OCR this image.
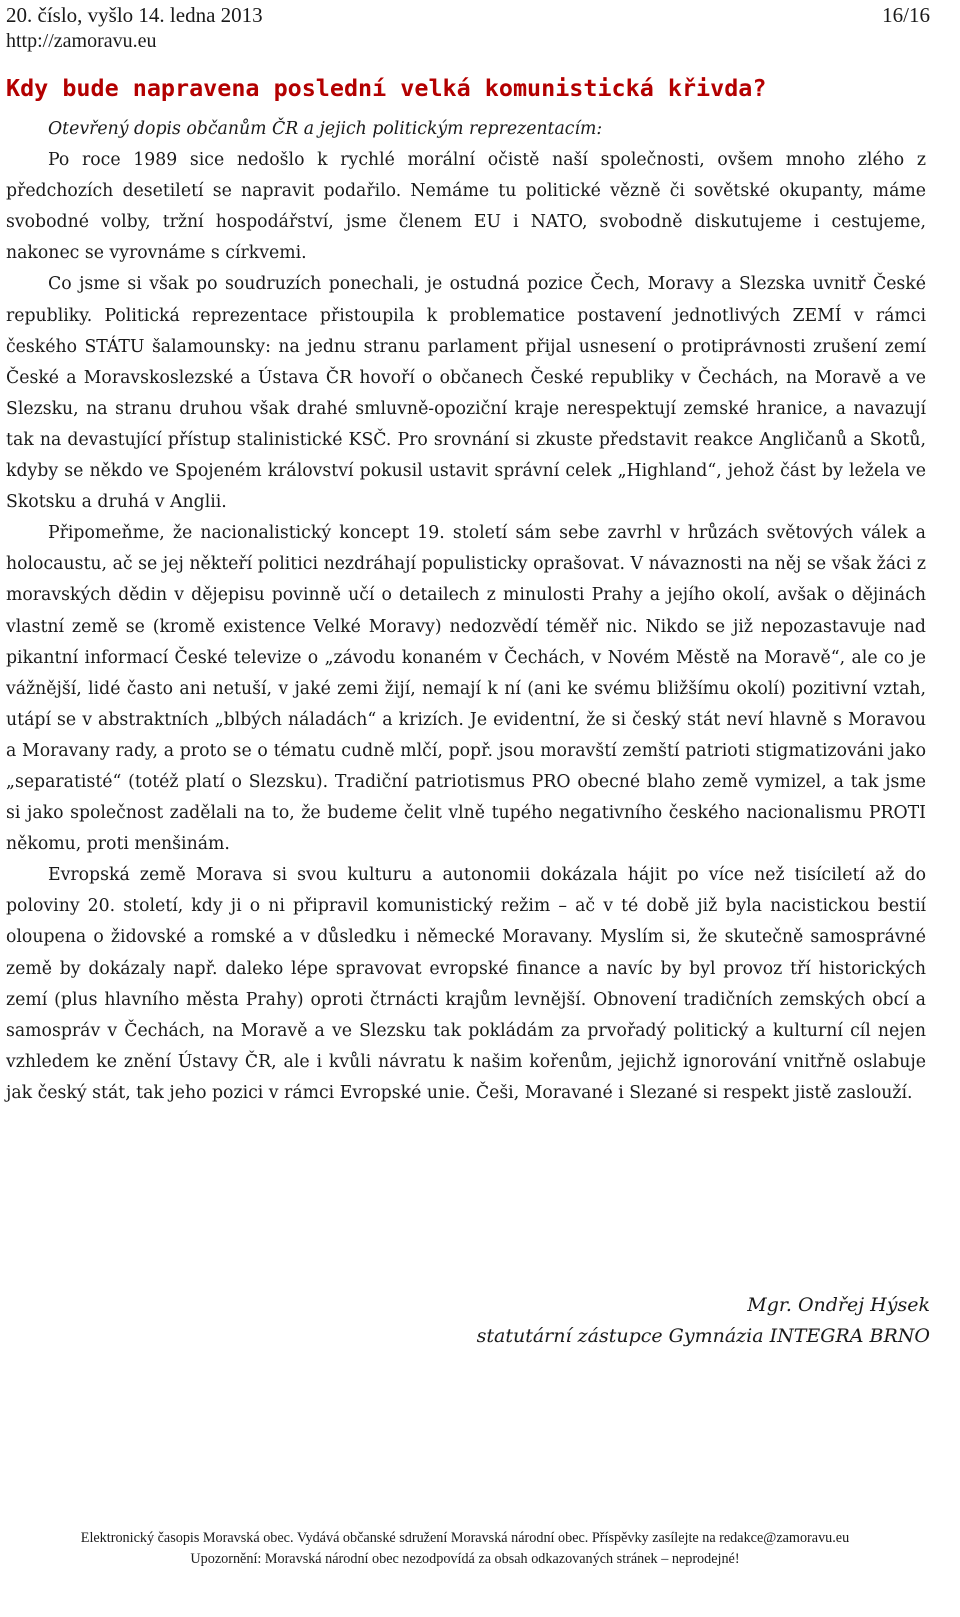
20. číslo, vyšlo 14. ledna 2013	16/16
http://zamoravu.eu
Kdy bude napravena poslední velká komunistická křivda?

Otevřený dopis občanům ČR a jejich politickým reprezentacím:

Po roce 1989 sice nedošlo k rychlé morální očistě naší společnosti, ovšem mnoho zlého z předchozích desetiletí se napravit podařilo. Nemáme tu politické vězně či sovětské okupanty, máme svobodné volby, tržní hospodářství, jsme členem EU i NATO, svobodně diskutujeme i cestujeme, nakonec se vyrovnáme s církvemi.

Co jsme si však po soudruzích ponechali, je ostudná pozice Čech, Moravy a Slezska uvnitř České republiky. Politická reprezentace přistoupila k problematice postavení jednotlivých ZEMÍ v rámci českého STÁTU šalamounsky: na jednu stranu parlament přijal usnesení o protiprávnosti zrušení zemí České a Moravskoslezské a Ústava ČR hovoří o občanech České republiky v Čechách, na Moravě a ve Slezsku, na stranu druhou však drahé smluvně-opoziční kraje nerespektují zemské hranice, a navazují tak na devastující přístup stalinistické KSČ. Pro srovnání si zkuste představit reakce Angličanů a Skotů, kdyby se někdo ve Spojeném království pokusil ustavit správní celek „Highland“, jehož část by ležela ve Skotsku a druhá v Anglii.

Připomeňme, že nacionalistický koncept 19. století sám sebe zavrhl v hrůzách světových válek a holocaustu, ač se jej někteří politici nezdráhají populisticky oprašovat. V návaznosti na něj se však žáci z moravských dědin v dějepisu povinně učí o detailech z minulosti Prahy a jejího okolí, avšak o dějinách vlastní země se (kromě existence Velké Moravy) nedozvědí téměř nic. Nikdo se již nepozastavuje nad pikantní informací České televize o „závodu konaném v Čechách, v Novém Městě na Moravě“, ale co je vážnější, lidé často ani netuší, v jaké zemi žijí, nemají k ní (ani ke svému bližšímu okolí) pozitivní vztah, utápí se v abstraktních „blbých náladách“ a krizích. Je evidentní, že si český stát neví hlavně s Moravou a Moravany rady, a proto se o tématu cudně mlčí, popř. jsou moravští zemští patrioti stigmatizováni jako „separatisté“ (totéž platí o Slezsku). Tradiční patriotismus PRO obecné blaho země vymizel, a tak jsme si jako společnost zadělali na to, že budeme čelit vlně tupého negativního českého nacionalismu PROTI někomu, proti menšinám.

Evropská země Morava si svou kulturu a autonomii dokázala hájit po více než tisíciletí až do poloviny 20. století, kdy ji o ni připravil komunistický režim – ač v té době již byla nacistickou bestií oloupena o židovské a romské a v důsledku i německé Moravany. Myslím si, že skutečně samosprávné země by dokázaly např. daleko lépe spravovat evropské finance a navíc by byl provoz tří historických zemí (plus hlavního města Prahy) oproti čtrnácti krajům levnější. Obnovení tradičních zemských obcí a samospráv v Čechách, na Moravě a ve Slezsku tak pokládám za prvořadý politický a kulturní cíl nejen vzhledem ke znění Ústavy ČR, ale i kvůli návratu k našim kořenům, jejichž ignorování vnitřně oslabuje jak český stát, tak jeho pozici v rámci Evropské unie. Češi, Moravané i Slezané si respekt jistě zaslouží.

Mgr. Ondřej Hýsek
statutární zástupce Gymnázia INTEGRA BRNO
Elektronický časopis Moravská obec. Vydává občanské sdružení Moravská národní obec. Příspěvky zasílejte na redakce@zamoravu.eu
Upozornění: Moravská národní obec nezodpovídá za obsah odkazovaných stránek – neprodejné!
